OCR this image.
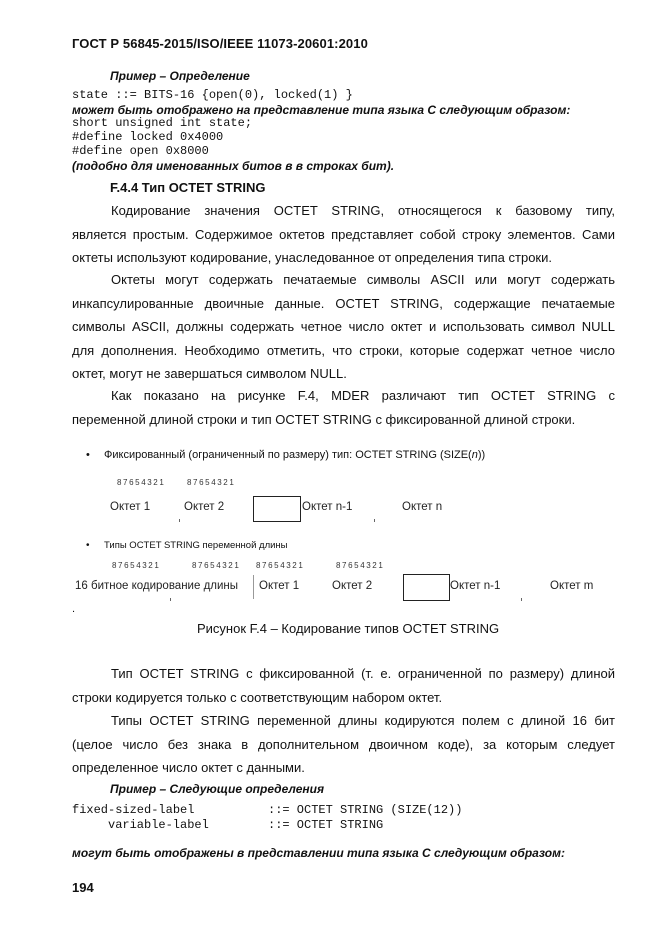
ГОСТ Р 56845-2015/ISO/IEEE 11073-20601:2010
Пример – Определение
state ::= BITS-16 {open(0), locked(1) }
может быть отображено на представление типа языка С следующим образом:
short unsigned int state;
#define locked 0x4000
#define open 0x8000
(подобно для именованных битов в в строках бит).
F.4.4 Тип OCTET STRING
Кодирование значения OCTET STRING, относящегося к базовому типу,
является простым. Содержимое октетов представляет собой строку элементов. Сами
октеты используют кодирование, унаследованное от определения типа строки.
Октеты могут содержать печатаемые символы ASCII или могут содержать
инкапсулированные двоичные данные. OCTET STRING, содержащие печатаемые
символы ASCII, должны содержать четное число октет и использовать символ NULL
для дополнения. Необходимо отметить, что строки, которые содержат четное число
октет, могут не завершаться символом NULL.
Как показано на рисунке F.4, MDER различают тип OCTET STRING с
переменной длиной строки и тип OCTET STRING с фиксированной длиной строки.
• Фиксированный (ограниченный по размеру) тип: OCTET STRING (SIZE(n))
87654321	87654321
Октет 1	Октет 2	Октет n-1	Октет n
• Типы OCTET STRING переменной длины
87654321	87654321 87654321	87654321
16 битное кодирование длины Октет 1	Октет 2	Октет n-1	Октет m
.
Рисунок F.4 – Кодирование типов OCTET STRING
Тип OCTET STRING с фиксированной (т. е. ограниченной по размеру) длиной
строки кодируется только с соответствующим набором октет.
Типы OCTET STRING переменной длины кодируются полем с длиной 16 бит
(целое число без знака в дополнительном двоичном коде), за которым следует
определенное число октет с данными.
Пример – Следующие определения
fixed-sized-label	::= OCTET STRING (SIZE(12))
variable-label	::= OCTET STRING
могут быть отображены в представлении типа языка С следующим образом:
194
